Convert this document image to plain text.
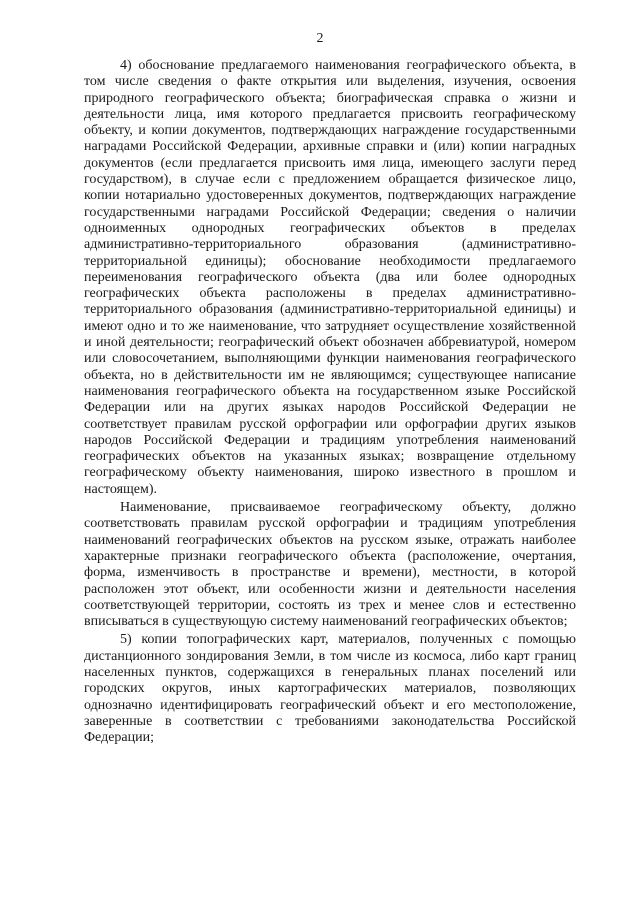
2

4) обоснование предлагаемого наименования географического объекта, в том числе сведения о факте открытия или выделения, изучения, освоения природного географического объекта; биографическая справка о жизни и деятельности лица, имя которого предлагается присвоить географическому объекту, и копии документов, подтверждающих награждение государственными наградами Российской Федерации, архивные справки и (или) копии наградных документов (если предлагается присвоить имя лица, имеющего заслуги перед государством), в случае если с предложением обращается физическое лицо, копии нотариально удостоверенных документов, подтверждающих награждение государственными наградами Российской Федерации; сведения о наличии одноименных однородных географических объектов в пределах административно-территориального образования (административно-территориальной единицы); обоснование необходимости предлагаемого переименования географического объекта (два или более однородных географических объекта расположены в пределах административно-территориального образования (административно-территориальной единицы) и имеют одно и то же наименование, что затрудняет осуществление хозяйственной и иной деятельности; географический объект обозначен аббревиатурой, номером или словосочетанием, выполняющими функции наименования географического объекта, но в действительности им не являющимся; существующее написание наименования географического объекта на государственном языке Российской Федерации или на других языках народов Российской Федерации не соответствует правилам русской орфографии или орфографии других языков народов Российской Федерации и традициям употребления наименований географических объектов на указанных языках; возвращение отдельному географическому объекту наименования, широко известного в прошлом и настоящем).

Наименование, присваиваемое географическому объекту, должно соответствовать правилам русской орфографии и традициям употребления наименований географических объектов на русском языке, отражать наиболее характерные признаки географического объекта (расположение, очертания, форма, изменчивость в пространстве и времени), местности, в которой расположен этот объект, или особенности жизни и деятельности населения соответствующей территории, состоять из трех и менее слов и естественно вписываться в существующую систему наименований географических объектов;

5) копии топографических карт, материалов, полученных с помощью дистанционного зондирования Земли, в том числе из космоса, либо карт границ населенных пунктов, содержащихся в генеральных планах поселений или городских округов, иных картографических материалов, позволяющих однозначно идентифицировать географический объект и его местоположение, заверенные в соответствии с требованиями законодательства Российской Федерации;
